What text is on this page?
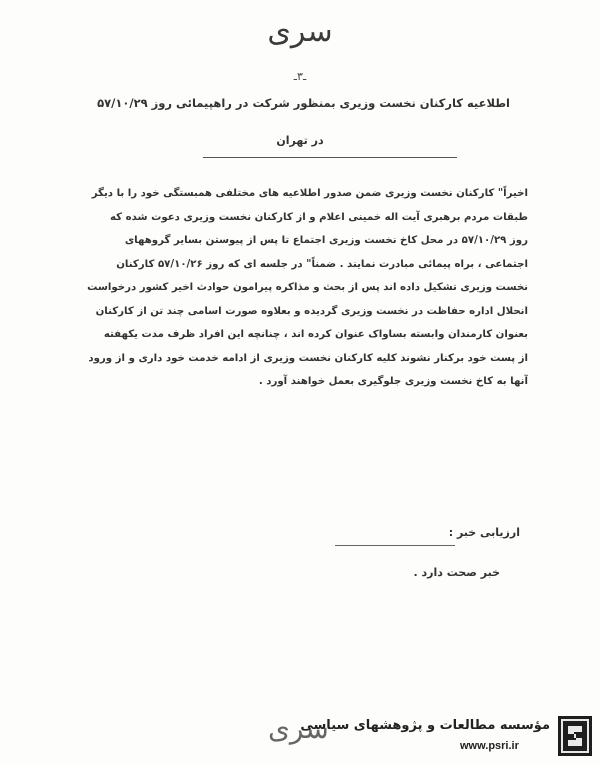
سری
ـ۳ـ
اطلاعیه کارکنان نخست وزیری بمنظور شرکت در راهپیمائی روز ۵۷/۱۰/۲۹
در تهران
اخیراً" کارکنان نخست وزیری ضمن صدور اطلاعیه های مختلفی همبستگی خود را با دیگر
طبقات مردم برهبری آیت اله خمینی اعلام و از کارکنان نخست وزیری دعوت شده که
روز ۵۷/۱۰/۲۹ در محل کاخ نخست وزیری اجتماع تا پس از پیوستن بسایر گروههای
اجتماعی ، براه پیمائی مبادرت نمایند . ضمناً" در جلسه ای که روز ۵۷/۱۰/۲۶ کارکنان
نخست وزیری تشکیل داده اند پس از بحث و مذاکره پیرامون حوادث اخیر کشور درخواست
انحلال اداره حفاظت در نخست وزیری گردیده و بعلاوه صورت اسامی چند تن از کارکنان
بعنوان کارمندان وابسته بساواک عنوان کرده اند ، چنانچه این افراد ظرف مدت یکهفته
از پست خود برکنار نشوند کلیه کارکنان نخست وزیری از ادامه خدمت خود داری و از ورود
آنها به کاخ نخست وزیری جلوگیری بعمل خواهند آورد .
ارزیابی خبر :
خبر صحت دارد .
سری
مؤسسه مطالعات و پژوهشهای سیاسی
www.psri.ir
